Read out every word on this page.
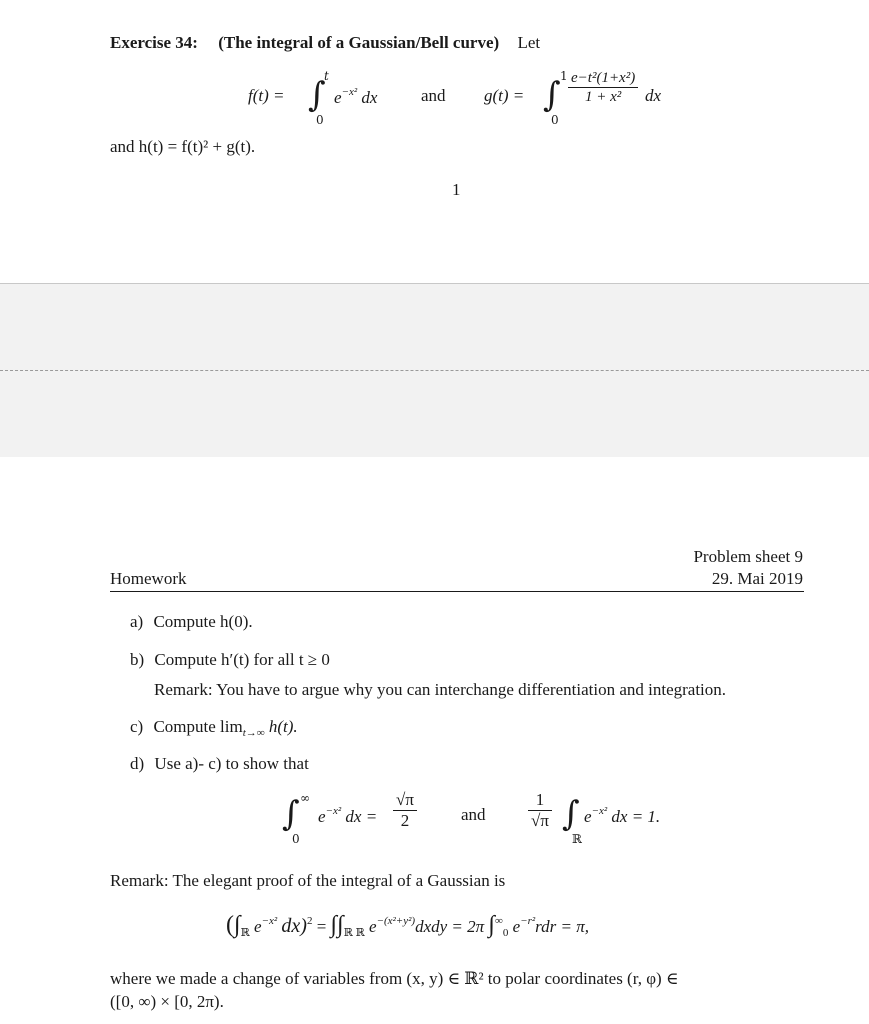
Exercise 34: (The integral of a Gaussian/Bell curve) Let
f(t) = ∫
t
0
$e^{-x^2}$ dx	and g(t) = ∫ 1
0
$\frac{\text{e−t²(1+x²)}}{\text{1 + x²}}$ dx
and h(t) = f(t)² + g(t).
1
Problem sheet 9
29. Mai 2019
Homework
a) Compute h(0).
b) Compute h′(t) for all t ≥ 0
Remark: You have to argue why you can interchange differentiation and integration.
c) Compute $\lim_{t\to\infty} h(t)$.
d) Use a)- c) to show that
∫ ∞
0
$e^{-x^2}$ dx = $\frac{√\pi}{2}$	and $\frac{1}{√\pi}$ ∫
ℝ
$e^{-x^2}$ dx = 1.
Remark: The elegant proof of the integral of a Gaussian is
($\int_ℝ$ $e^{-x^2}$ $dx)^2 = \int\int_{ℝ ℝ}$ $e^{-(x^2+y^2)}dxdy = 2\pi$ $\int^\infty_0$ $e^{-r^2}rdr = \pi$,
where we made a change of variables from (x, y) ∈ ℝ² to polar coordinates (r, φ) ∈
([0, ∞) × [0, 2π).
